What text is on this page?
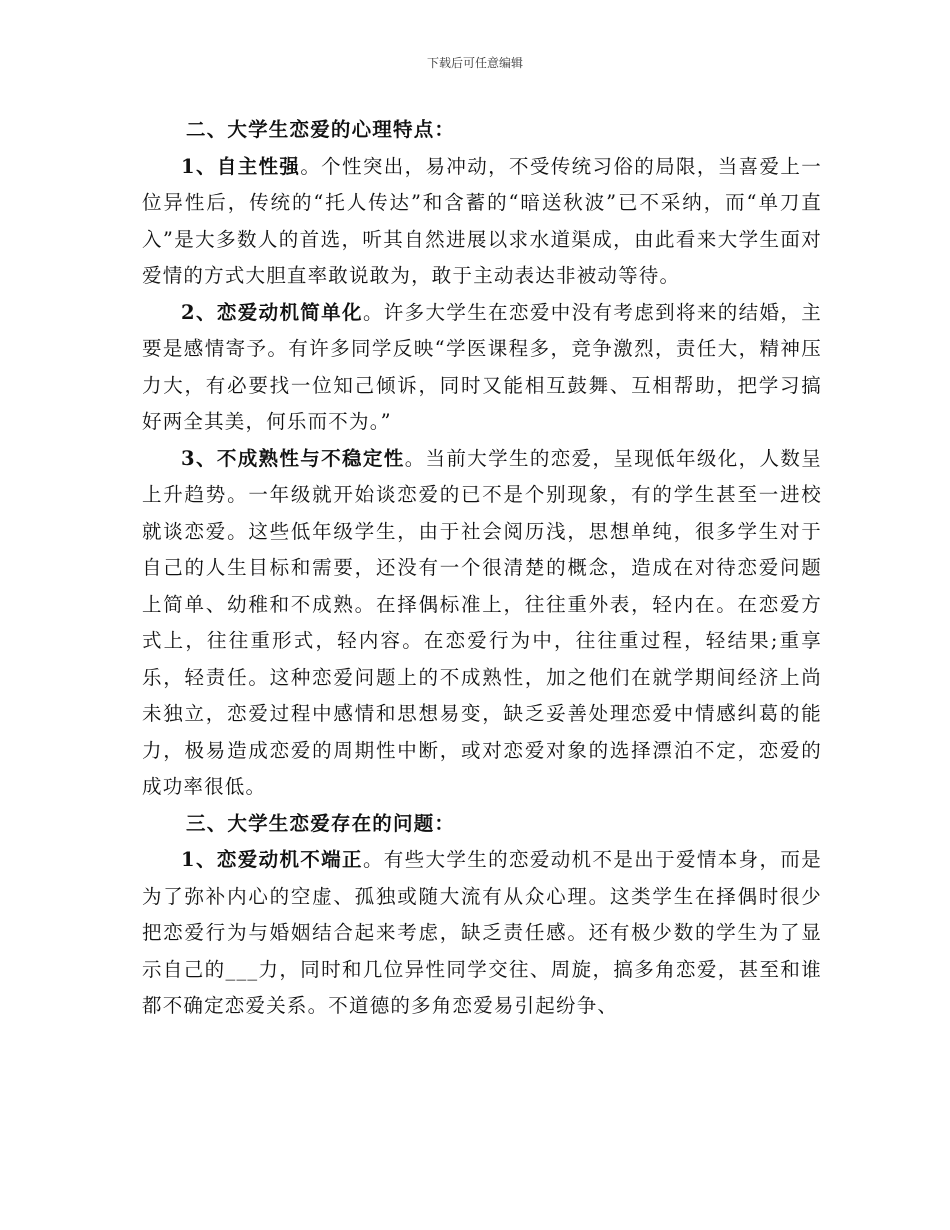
下载后可任意编辑

二、大学生恋爱的心理特点：

1、自主性强。个性突出，易冲动，不受传统习俗的局限，当喜爱上一位异性后，传统的“托人传达”和含蓄的“暗送秋波”已不采纳，而“单刀直入”是大多数人的首选，听其自然进展以求水道渠成，由此看来大学生面对爱情的方式大胆直率敢说敢为，敢于主动表达非被动等待。

2、恋爱动机简单化。许多大学生在恋爱中没有考虑到将来的结婚，主要是感情寄予。有许多同学反映“学医课程多，竞争激烈，责任大，精神压力大，有必要找一位知己倾诉，同时又能相互鼓舞、互相帮助，把学习搞好两全其美，何乐而不为。”

3、不成熟性与不稳定性。当前大学生的恋爱，呈现低年级化，人数呈上升趋势。一年级就开始谈恋爱的已不是个别现象，有的学生甚至一进校就谈恋爱。这些低年级学生，由于社会阅历浅，思想单纯，很多学生对于自己的人生目标和需要，还没有一个很清楚的概念，造成在对待恋爱问题上简单、幼稚和不成熟。在择偶标准上，往往重外表，轻内在。在恋爱方式上，往往重形式，轻内容。在恋爱行为中，往往重过程，轻结果;重享乐，轻责任。这种恋爱问题上的不成熟性，加之他们在就学期间经济上尚未独立，恋爱过程中感情和思想易变，缺乏妥善处理恋爱中情感纠葛的能力，极易造成恋爱的周期性中断，或对恋爱对象的选择漂泊不定，恋爱的成功率很低。

三、大学生恋爱存在的问题：

1、恋爱动机不端正。有些大学生的恋爱动机不是出于爱情本身，而是为了弥补内心的空虚、孤独或随大流有从众心理。这类学生在择偶时很少把恋爱行为与婚姻结合起来考虑，缺乏责任感。还有极少数的学生为了显示自己的___力，同时和几位异性同学交往、周旋，搞多角恋爱，甚至和谁都不确定恋爱关系。不道德的多角恋爱易引起纷争、
